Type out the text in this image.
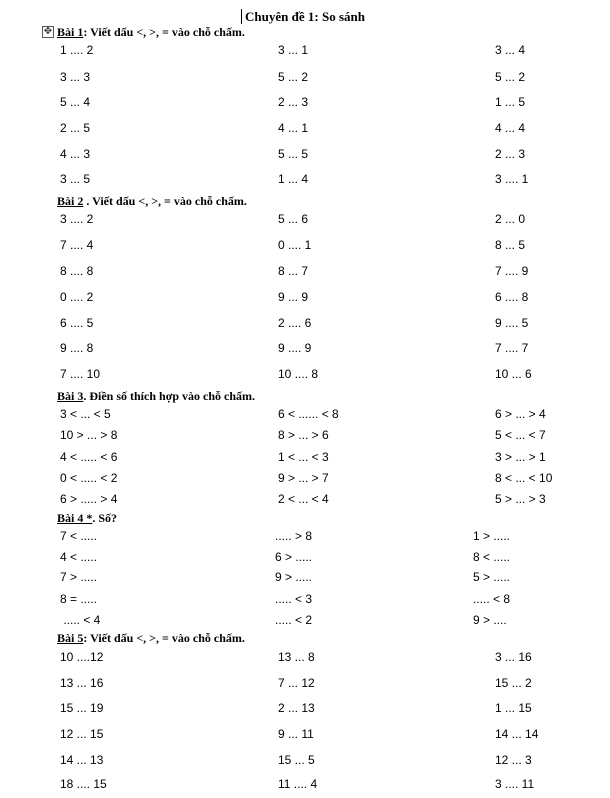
Chuyên đề 1: So sánh
✥ Bài 1: Viết dấu <, >, = vào chỗ chấm.
1 .... 2	3 ... 1	3 ... 4
3 ... 3	5 ... 2	5 ... 2
5 ... 4	2 ... 3	1 ... 5
2 ... 5	4 ... 1	4 ... 4
4 ... 3	5 ... 5	2 ... 3
3 ... 5	1 ... 4	3 .... 1
Bài 2 . Viết dấu <, >, = vào chỗ chấm.
3 .... 2	5 ... 6	2 ... 0
7 .... 4	0 .... 1	8 ... 5
8 .... 8	8 ... 7	7 .... 9
0 .... 2	9 ... 9	6 .... 8
6 .... 5	2 .... 6	9 .... 5
9 .... 8	9 .... 9	7 .... 7
7 .... 10	10 .... 8	10 ... 6
Bài 3. Điền số thích hợp vào chỗ chấm.
3 < ... < 5	6 < ...... < 8	6 > ... > 4
10 > ... > 8	8 > ... > 6	5 < ... < 7
4 < ..... < 6	1 < ... < 3	3 > ... > 1
0 < ..... < 2	9 > ... > 7	8 < ... < 10
6 > ..... > 4	2 < ... < 4	5 > ... > 3
Bài 4 *. Số?
7 < .....	..... > 8	1 > .....
4 < .....	6 > .....	8 < .....
7 > .....	9 > .....	5 > .....
8 = .....	..... < 3	..... < 8
..... < 4	..... < 2	9 > ....
Bài 5: Viết dấu <, >, = vào chỗ chấm.
10 ....12	13 ... 8	3 ... 16
13 ... 16	7 ... 12	15 ... 2
15 ... 19	2 ... 13	1 ... 15
12 ... 15	9 ... 11	14 ... 14
14 ... 13	15 ... 5	12 ... 3
18 .... 15	11 .... 4	3 .... 11
